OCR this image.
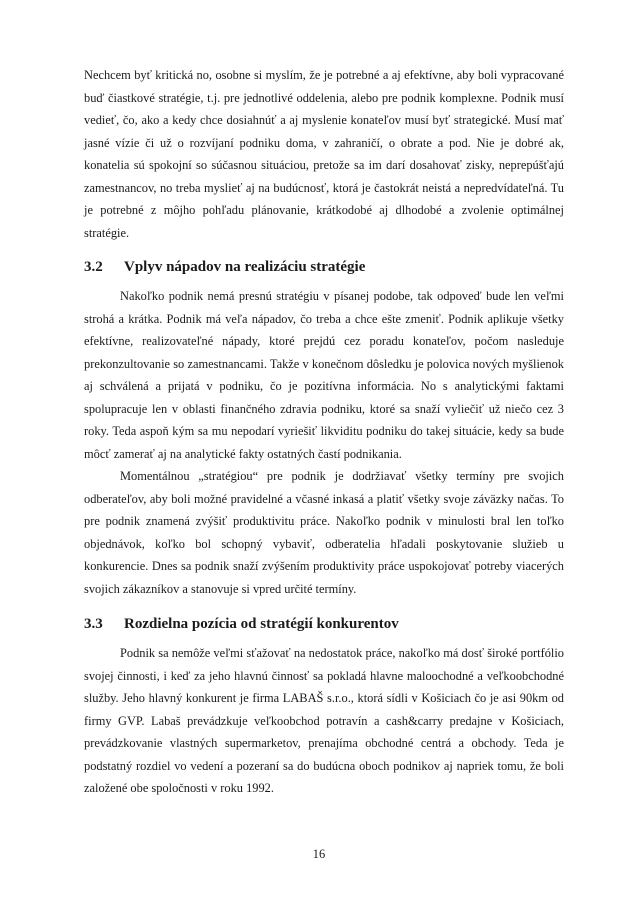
Nechcem byť kritická no, osobne si myslím, že je potrebné a aj efektívne, aby boli vypracované buď čiastkové stratégie, t.j. pre jednotlivé oddelenia, alebo pre podnik komplexne. Podnik musí vedieť, čo, ako a kedy chce dosiahnúť a aj myslenie konateľov musí byť strategické. Musí mať jasné vízie či už o rozvíjaní podniku doma, v zahraničí, o obrate a pod. Nie je dobré ak, konatelia sú spokojní so súčasnou situáciou, pretože sa im darí dosahovať zisky, neprepúšťajú zamestnancov, no treba myslieť aj na budúcnosť, ktorá je častokrát neistá a nepredvídateľná. Tu je potrebné z môjho pohľadu plánovanie, krátkodobé aj dlhodobé a zvolenie optimálnej stratégie.

3.2	Vplyv nápadov na realizáciu stratégie

Nakoľko podnik nemá presnú stratégiu v písanej podobe, tak odpoveď bude len veľmi strohá a krátka. Podnik má veľa nápadov, čo treba a chce ešte zmeniť. Podnik aplikuje všetky efektívne, realizovateľné nápady, ktoré prejdú cez poradu konateľov, počom nasleduje prekonzultovanie so zamestnancami. Takže v konečnom dôsledku je polovica nových myšlienok aj schválená a prijatá v podniku, čo je pozitívna informácia. No s analytickými faktami spolupracuje len v oblasti finančného zdravia podniku, ktoré sa snaží vyliečiť už niečo cez 3 roky. Teda aspoň kým sa mu nepodarí vyriešiť likviditu podniku do takej situácie, kedy sa bude môcť zamerať aj na analytické fakty ostatných častí podnikania.

Momentálnou „stratégiou“ pre podnik je dodržiavať všetky termíny pre svojich odberateľov, aby boli možné pravidelné a včasné inkasá a platiť všetky svoje záväzky načas. To pre podnik znamená zvýšiť produktivitu práce. Nakoľko podnik v minulosti bral len toľko objednávok, koľko bol schopný vybaviť, odberatelia hľadali poskytovanie služieb u konkurencie. Dnes sa podnik snaží zvýšením produktivity práce uspokojovať potreby viacerých svojich zákazníkov a stanovuje si vpred určité termíny.

3.3	Rozdielna pozícia od stratégií konkurentov

Podnik sa nemôže veľmi sťažovať na nedostatok práce, nakoľko má dosť široké portfólio svojej činnosti, i keď za jeho hlavnú činnosť sa pokladá hlavne maloochodné a veľkoobchodné služby. Jeho hlavný konkurent je firma LABAŠ s.r.o., ktorá sídli v Košiciach čo je asi 90km od firmy GVP. Labaš prevádzkuje veľkoobchod potravín a cash&carry predajne v Košiciach, prevádzkovanie vlastných supermarketov, prenajíma obchodné centrá a obchody. Teda je podstatný rozdiel vo vedení a pozeraní sa do budúcna oboch podnikov aj napriek tomu, že boli založené obe spoločnosti v roku 1992.

16
